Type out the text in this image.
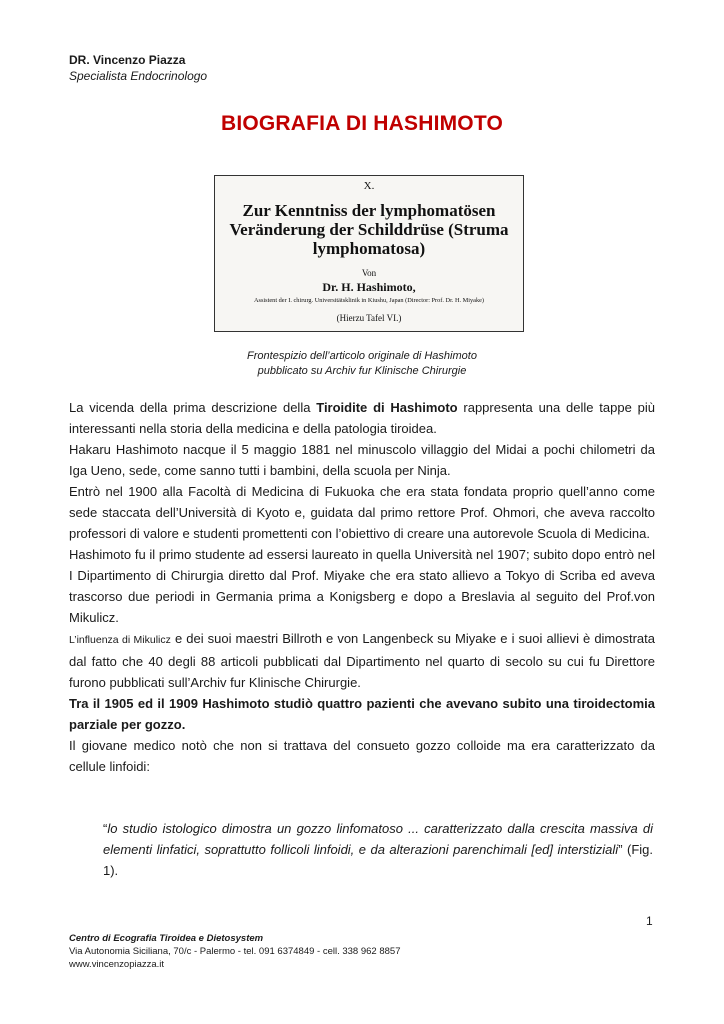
DR. Vincenzo Piazza
Specialista Endocrinologo
BIOGRAFIA DI HASHIMOTO
X.
Zur Kenntniss der lymphomatösen
Veränderung der Schilddrüse (Struma
lymphomatosa)
Von
Dr. H. Hashimoto,
Assistent der I. chirurg. Universitätsklinik in Kiushu, Japan (Director: Prof. Dr. H. Miyake)
(Hierzu Tafel VI.)
Frontespizio dell’articolo originale di Hashimoto
pubblicato su Archiv fur Klinische Chirurgie

La vicenda della prima descrizione della Tiroidite di Hashimoto rappresenta una delle tappe più interessanti nella storia della medicina e della patologia tiroidea.

Hakaru Hashimoto nacque il 5 maggio 1881 nel minuscolo villaggio del Midai a pochi chilometri da Iga Ueno, sede, come sanno tutti i bambini, della scuola per Ninja.

Entrò nel 1900 alla Facoltà di Medicina di Fukuoka che era stata fondata proprio quell’anno come sede staccata dell’Università di Kyoto e, guidata dal primo rettore Prof. Ohmori, che aveva raccolto professori di valore e studenti promettenti con l’obiettivo di creare una autorevole Scuola di Medicina.

Hashimoto fu il primo studente ad essersi laureato in quella Università nel 1907; subito dopo entrò nel I Dipartimento di Chirurgia diretto dal Prof. Miyake che era stato allievo a Tokyo di Scriba ed aveva trascorso due periodi in Germania prima a Konigsberg e dopo a Breslavia al seguito del Prof.von Mikulicz.

L’influenza di Mikulicz e dei suoi maestri Billroth e von Langenbeck su Miyake e i suoi allievi è dimostrata dal fatto che 40 degli 88 articoli pubblicati dal Dipartimento nel quarto di secolo su cui fu Direttore furono pubblicati sull’Archiv fur Klinische Chirurgie.

Tra il 1905 ed il 1909 Hashimoto studiò quattro pazienti che avevano subito una tiroidectomia parziale per gozzo.

Il giovane medico notò che non si trattava del consueto gozzo colloide ma era caratterizzato da cellule linfoidi:

“lo studio istologico dimostra un gozzo linfomatoso ... caratterizzato dalla crescita massiva di elementi linfatici, soprattutto follicoli linfoidi, e da alterazioni parenchimali [ed] interstiziali” (Fig. 1).
1
Centro di Ecografia Tiroidea e Dietosystem
Via Autonomia Siciliana, 70/c - Palermo - tel. 091 6374849 - cell. 338 962 8857
www.vincenzopiazza.it
